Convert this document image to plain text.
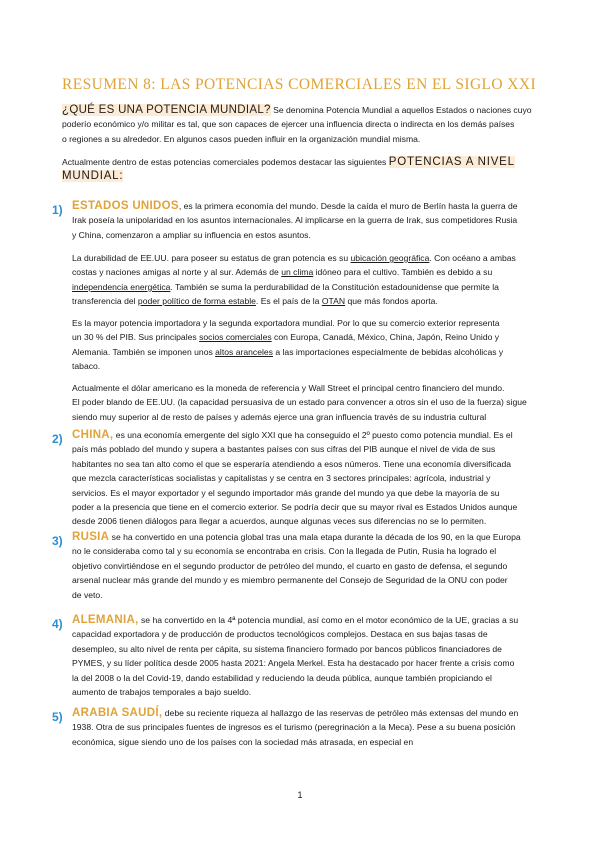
RESUMEN 8: LAS POTENCIAS COMERCIALES EN EL SIGLO XXI
¿QUÉ ES UNA POTENCIA MUNDIAL? Se denomina Potencia Mundial a aquellos Estados o naciones cuyo
poderío económico y/o militar es tal, que son capaces de ejercer una influencia directa o indirecta en los demás países
o regiones a su alrededor. En algunos casos pueden influir en la organización mundial misma.
Actualmente dentro de estas potencias comerciales podemos destacar las siguientes POTENCIAS A NIVEL
MUNDIAL:
1) ESTADOS UNIDOS, es la primera economía del mundo. Desde la caída el muro de Berlín hasta la guerra de
Irak poseía la unipolaridad en los asuntos internacionales. Al implicarse en la guerra de Irak, sus competidores Rusia
y China, comenzaron a ampliar su influencia en estos asuntos.
La durabilidad de EE.UU. para poseer su estatus de gran potencia es su ubicación geográfica. Con océano a ambas
costas y naciones amigas al norte y al sur. Además de un clima idóneo para el cultivo. También es debido a su
independencia energética. También se suma la perdurabilidad de la Constitución estadounidense que permite la
transferencia del poder político de forma estable. Es el país de la OTAN que más fondos aporta.
Es la mayor potencia importadora y la segunda exportadora mundial. Por lo que su comercio exterior representa
un 30 % del PIB. Sus principales socios comerciales con Europa, Canadá, México, China, Japón, Reino Unido y
Alemania. También se imponen unos altos aranceles a las importaciones especialmente de bebidas alcohólicas y
tabaco.
Actualmente el dólar americano es la moneda de referencia y Wall Street el principal centro financiero del mundo.
El poder blando de EE.UU. (la capacidad persuasiva de un estado para convencer a otros sin el uso de la fuerza) sigue
siendo muy superior al de resto de países y además ejerce una gran influencia través de su industria cultural
2) CHINA, es una economía emergente del siglo XXI que ha conseguido el 2º puesto como potencia mundial. Es el
país más poblado del mundo y supera a bastantes países con sus cifras del PIB aunque el nivel de vida de sus
habitantes no sea tan alto como el que se esperaría atendiendo a esos números. Tiene una economía diversificada
que mezcla características socialistas y capitalistas y se centra en 3 sectores principales: agrícola, industrial y
servicios. Es el mayor exportador y el segundo importador más grande del mundo ya que debe la mayoría de su
poder a la presencia que tiene en el comercio exterior. Se podría decir que su mayor rival es Estados Unidos aunque
desde 2006 tienen diálogos para llegar a acuerdos, aunque algunas veces sus diferencias no se lo permiten.
3) RUSIA se ha convertido en una potencia global tras una mala etapa durante la década de los 90, en la que Europa
no le consideraba como tal y su economía se encontraba en crisis. Con la llegada de Putin, Rusia ha logrado el
objetivo convirtiéndose en el segundo productor de petróleo del mundo, el cuarto en gasto de defensa, el segundo
arsenal nuclear más grande del mundo y es miembro permanente del Consejo de Seguridad de la ONU con poder
de veto.
4) ALEMANIA, se ha convertido en la 4ª potencia mundial, así como en el motor económico de la UE, gracias a su
capacidad exportadora y de producción de productos tecnológicos complejos. Destaca en sus bajas tasas de
desempleo, su alto nivel de renta per cápita, su sistema financiero formado por bancos públicos financiadores de
PYMES, y su líder política desde 2005 hasta 2021: Angela Merkel. Esta ha destacado por hacer frente a crisis como
la del 2008 o la del Covid-19, dando estabilidad y reduciendo la deuda pública, aunque también propiciando el
aumento de trabajos temporales a bajo sueldo.
5) ARABIA SAUDÍ, debe su reciente riqueza al hallazgo de las reservas de petróleo más extensas del mundo en
1938. Otra de sus principales fuentes de ingresos es el turismo (peregrinación a la Meca). Pese a su buena posición
económica, sigue siendo uno de los países con la sociedad más atrasada, en especial en
1
